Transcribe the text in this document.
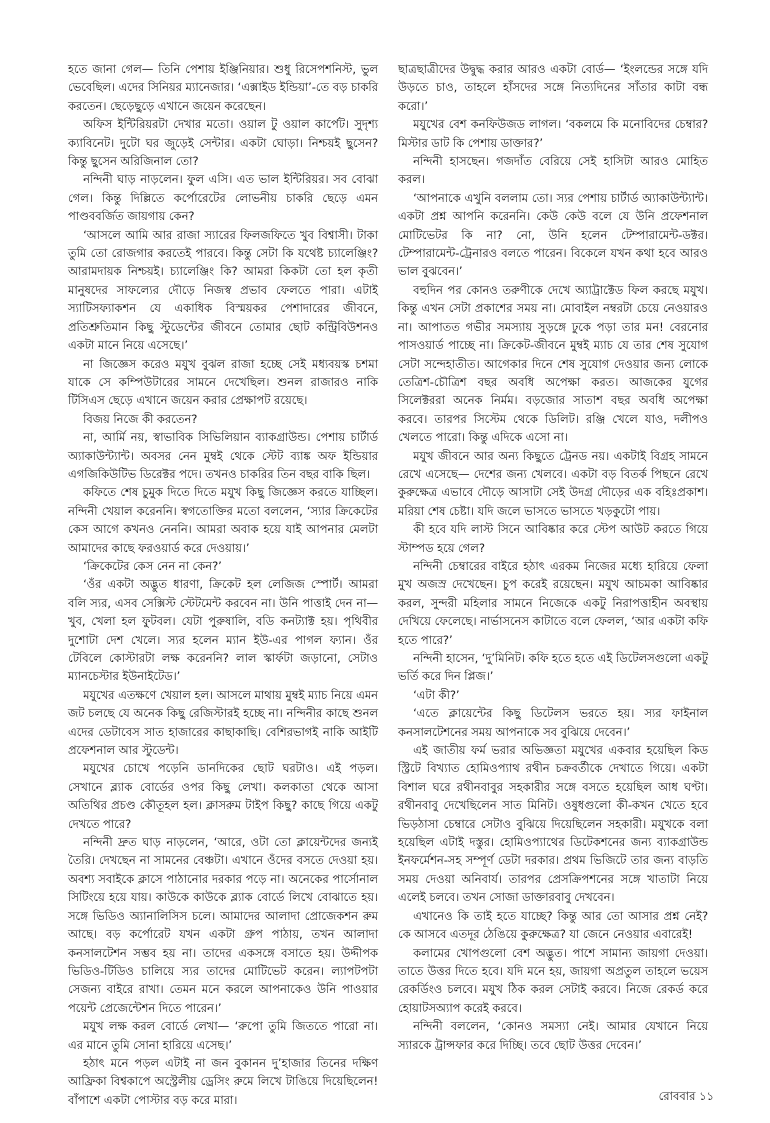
হতে জানা গেল— তিনি পেশায় ইঞ্জিনিয়ার। শুধু রিসেপশনিস্ট, ভুল ভেবেছিল। এদের সিনিয়র ম্যানেজার। ‘এক্সাইড ইন্ডিয়া’-তে বড় চাকরি করতেন। ছেড়েছুড়ে এখানে জয়েন করেছেন।

অফিস ইন্টিরিয়রটা দেখার মতো। ওয়াল টু ওয়াল কার্পেট। সুদৃশ্য ক্যাবিনেট। দুটো ঘর জুড়েই সেন্টার। একটা ঘোড়া। নিশ্চয়ই ছুসেন? কিন্তু ছুসেন অরিজিনাল তো?

নন্দিনী ঘাড় নাড়লেন। ফুল এসি। এত ভাল ইন্টিরিয়র। সব বোঝা গেল। কিন্তু দিল্লিতে কর্পোরেটের লোভনীয় চাকরি ছেড়ে এমন পাণ্ডববর্জিত জায়গায় কেন?

‘আসলে আমি আর রাজা স্যারের ফিলজফিতে খুব বিশ্বাসী। টাকা তুমি তো রোজগার করতেই পারবে। কিন্তু সেটা কি যথেষ্ট চ্যালেঞ্জিং? আরামদায়ক নিশ্চয়ই। চ্যালেঞ্জিং কি? আমরা কিকটা তো হল কৃতী মানুষদের সাফল্যের দৌড়ে নিজস্ব প্রভাব ফেলতে পারা। এটাই স্যাটিসফ্যাকশন যে একাধিক বিস্ময়কর পেশাদারের জীবনে, প্রতিশ্রুতিমান কিছু স্টুডেন্টের জীবনে তোমার ছোট কন্ট্রিবিউশনও একটা মানে নিয়ে এসেছে।’

না জিজ্ঞেস করেও মযুখ বুঝল রাজা হচ্ছে সেই মধ্যবয়স্ক চশমা যাকে সে কম্পিউটারের সামনে দেখেছিল। শুনল রাজারও নাকি টিসিএস ছেড়ে এখানে জয়েন করার প্রেক্ষাপট রয়েছে।

বিজয় নিজে কী করতেন?

না, আর্মি নয়, স্বাভাবিক সিভিলিয়ান ব্যাকগ্রাউন্ড। পেশায় চার্টার্ড অ্যাকাউন্ট্যান্ট। অবসর নেন মুম্বই থেকে স্টেট ব্যাঙ্ক অফ ইন্ডিয়ার এগজিকিউটিভ ডিরেক্টর পদে। তখনও চাকরির তিন বছর বাকি ছিল।

কফিতে শেষ চুমুক দিতে দিতে মযুখ কিছু জিজ্ঞেস করতে যাচ্ছিল। নন্দিনী খেয়াল করেননি। স্বগতোক্তির মতো বললেন, ‘স্যার ক্রিকেটের কেস আগে কখনও নেননি। আমরা অবাক হয়ে যাই আপনার মেলটা আমাদের কাছে ফরওয়ার্ড করে দেওয়ায়।’

‘ক্রিকেটের কেস নেন না কেন?’

‘ওঁর একটা অদ্ভুত ধারণা, ক্রিকেট হল লেজিজ স্পোর্ট। আমরা বলি স্যর, এসব সেক্সিস্ট স্টেটমেন্ট করবেন না। উনি পাত্তাই দেন না— খুব, খেলা হল ফুটবল। যেটা পুরুষালি, বডি কনট্যাক্ট হয়। পৃথিবীর দুশোটা দেশ খেলে। স্যর হলেন ম্যান ইউ-এর পাগল ফ্যান। ওঁর টেবিলে কোস্টারটা লক্ষ করেননি? লাল স্কার্ফটা জড়ানো, সেটাও ম্যানচেস্টার ইউনাইটেড।’

মযুখের এতক্ষণে খেয়াল হল। আসলে মাথায় মুম্বই ম্যাচ নিয়ে এমন জট চলছে যে অনেক কিছু রেজিস্টারই হচ্ছে না। নন্দিনীর কাছে শুনল এদের ডেটাবেস সাত হাজারের কাছাকাছি। বেশিরভাগই নাকি আইটি প্রফেশনাল আর স্টুডেন্ট।

মযুখের চোখে পড়েনি ডানদিকের ছোট ঘরটাও। এই পড়ল। সেখানে ব্ল্যাক বোর্ডের ওপর কিছু লেখা। কলকাতা থেকে আসা অতিথির প্রচণ্ড কৌতূহল হল। ক্লাসরুম টাইপ কিছু? কাছে গিয়ে একটু দেখতে পারে?

নন্দিনী দ্রুত ঘাড় নাড়লেন, ‘আরে, ওটা তো ক্লায়েন্টদের জন্যই তৈরি। দেখছেন না সামনের বেঞ্চটা। এখানে ওঁদের বসতে দেওয়া হয়। অবশ্য সবাইকে ক্লাসে পাঠানোর দরকার পড়ে না। অনেকের পার্সোনাল সিটিংয়ে হয়ে যায়। কাউকে কাউকে ব্ল্যাক বোর্ডে লিখে বোঝাতে হয়। সঙ্গে ভিডিও অ্যানালিসিস চলে। আমাদের আলাদা প্রোজেকশন রুম আছে। বড় কর্পোরেট যখন একটা গ্রুপ পাঠায়, তখন আলাদা কনসালটেশন সম্ভব হয় না। তাদের একসঙ্গে বসাতে হয়। উদ্দীপক ভিডিও-টিডিও চালিয়ে স্যর তাদের মোটিভেট করেন। ল্যাপটপটা সেজন্য বাইরে রাখা। তেমন মনে করলে আপনাকেও উনি পাওয়ার পয়েন্ট প্রেজেন্টেশন দিতে পারেন।’

মযুখ লক্ষ করল বোর্ডে লেখা— ‘রুপো তুমি জিততে পারো না। এর মানে তুমি সোনা হারিয়ে এসেছ।’

হঠাৎ মনে পড়ল এটাই না জন বুকানন দু’হাজার তিনের দক্ষিণ আফ্রিকা বিশ্বকাপে অস্ট্রেলীয় ড্রেসিং রুমে লিখে টাঙিয়ে দিয়েছিলেন! বাঁপাশে একটা পোস্টার বড় করে মারা।

ছাত্রছাত্রীদের উদ্বুদ্ধ করার আরও একটা বোর্ড— ‘ইংলন্ডের সঙ্গে যদি উড়তে চাও, তাহলে হাঁসদের সঙ্গে নিত্যদিনের সাঁতার কাটা বন্ধ করো।’

মযুখের বেশ কনফিউজড লাগল। ‘বকলমে কি মনোবিদের চেম্বার? মিস্টার ডাট কি পেশায় ডাক্তার?’

নন্দিনী হাসছেন। গজদাঁত বেরিয়ে সেই হাসিটা আরও মোহিত করল।

‘আপনাকে এখুনি বললাম তো। স্যর পেশায় চার্টার্ড অ্যাকাউন্ট্যান্ট। একটা প্রশ্ন আপনি করেননি। কেউ কেউ বলে যে উনি প্রফেশনাল মোটিভেটর কি না? নো, উনি হলেন টেম্পারামেন্ট-ডক্টর। টেম্পারামেন্ট-ট্রেনারও বলতে পারেন। বিকেলে যখন কথা হবে আরও ভাল বুঝবেন।’

বহুদিন পর কোনও তরুণীকে দেখে অ্যাট্রাক্টেড ফিল করছে মযুখ। কিন্তু এখন সেটা প্রকাশের সময় না। মোবাইল নম্বরটা চেয়ে নেওয়ারও না। আপাতত গভীর সমস্যায় সুড়ঙ্গে ঢুকে পড়া তার মন! বেরনোর পাসওয়ার্ড পাচ্ছে না। ক্রিকেট-জীবনে মুম্বই ম্যাচ যে তার শেষ সুযোগ সেটা সন্দেহাতীত। আগেকার দিনে শেষ সুযোগ দেওয়ার জন্য লোকে তেত্রিশ-চৌত্রিশ বছর অবধি অপেক্ষা করত। আজকের যুগের সিলেক্টররা অনেক নির্মম। বড়জোর সাতাশ বছর অবধি অপেক্ষা করবে। তারপর সিস্টেম থেকে ডিলিট। রঞ্জি খেলে যাও, দলীপও খেলতে পারো। কিন্তু এদিকে এসো না।

মযুখ জীবনে আর অন্য কিছুতে ট্রেনড নয়। একটাই বিগ্রহ সামনে রেখে এসেছে— দেশের জন্য খেলবে। একটা বড় বিতর্ক পিছনে রেখে কুরুক্ষেত্র এভাবে দৌড়ে আসাটা সেই উদগ্র দৌড়ের এক বহিঃপ্রকাশ। মরিয়া শেষ চেষ্টা। যদি জলে ভাসতে ভাসতে খড়কুটো পায়।

কী হবে যদি লাস্ট সিনে আবিষ্কার করে স্টেপ আউট করতে গিয়ে স্টাম্পড হয়ে গেল?

নন্দিনী চেম্বারের বাইরে হঠাৎ এরকম নিজের মধ্যে হারিয়ে ফেলা মুখ অজস্র দেখেছেন। চুপ করেই রয়েছেন। মযুখ আচমকা আবিষ্কার করল, সুন্দরী মহিলার সামনে নিজেকে একটু নিরাপত্তাহীন অবস্থায় দেখিয়ে ফেলেছে। নার্ভাসনেস কাটাতে বলে ফেলল, ‘আর একটা কফি হতে পারে?’

নন্দিনী হাসেন, ‘দু’মিনিট। কফি হতে হতে এই ডিটেলসগুলো একটু ভর্তি করে দিন প্লিজ।’

‘এটা কী?’

‘এতে ক্লায়েন্টের কিছু ডিটেলস ভরতে হয়। স্যর ফাইনাল কনসালটেশনের সময় আপনাকে সব বুঝিয়ে দেবেন।’

এই জাতীয় ফর্ম ভরার অভিজ্ঞতা মযুখের একবার হয়েছিল কিড স্ট্রিটে বিখ্যাত হোমিওপ্যাথ রথীন চক্রবর্তীকে দেখাতে গিয়ে। একটা বিশাল ঘরে রথীনবাবুর সহকারীর সঙ্গে বসতে হয়েছিল আধ ঘণ্টা। রথীনবাবু দেখেছিলেন সাত মিনিট। ওষুধগুলো কী-কখন খেতে হবে ভিড়ঠাসা চেম্বারে সেটাও বুঝিয়ে দিয়েছিলেন সহকারী। মযুখকে বলা হয়েছিল এটাই দস্তুর। হোমিওপ্যাথের ডিটেকশনের জন্য ব্যাকগ্রাউন্ড ইনফর্মেশন-সহ সম্পূর্ণ ডেটা দরকার। প্রথম ভিজিটে তার জন্য বাড়তি সময় দেওয়া অনিবার্য। তারপর প্রেসক্রিপশনের সঙ্গে খাতাটা নিয়ে এলেই চলবে। তখন সোজা ডাক্তারবাবু দেখবেন।

এখানেও কি তাই হতে যাচ্ছে? কিন্তু আর তো আসার প্রশ্ন নেই? কে আসবে এতদূর ঠেঙিয়ে কুরুক্ষেত্র? যা জেনে নেওয়ার এবারেই!

কলামের খোপগুলো বেশ অদ্ভুত। পাশে সামান্য জায়গা দেওয়া। তাতে উত্তর দিতে হবে। যদি মনে হয়, জায়গা অপ্রতুল তাহলে ভয়েস রেকর্ডিংও চলবে। মযুখ ঠিক করল সেটাই করবে। নিজে রেকর্ড করে হোয়াটসঅ্যাপ করেই করবে।

নন্দিনী বললেন, ‘কোনও সমস্যা নেই। আমার যেখানে নিয়ে স্যারকে ট্রান্সফার করে দিচ্ছি। তবে ছোট উত্তর দেবেন।’

রোববার ১১
